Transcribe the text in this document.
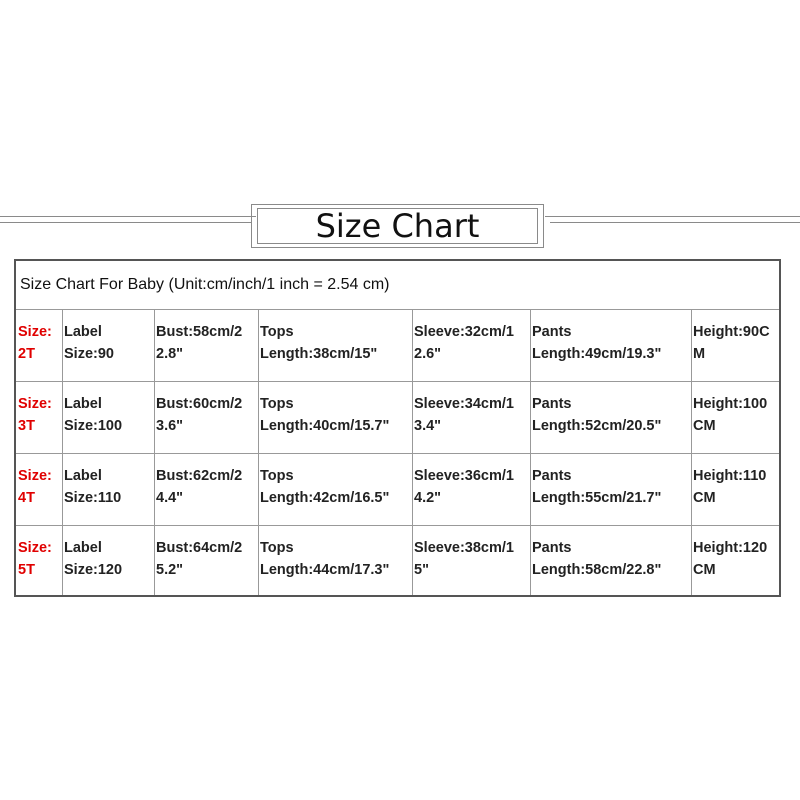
Size Chart
Size Chart For Baby (Unit:cm/inch/1 inch = 2.54 cm)
Size:
2T
Label
Size:90
Bust:58cm/2
2.8"
Tops
Length:38cm/15"
Sleeve:32cm/1
2.6"
Pants
Length:49cm/19.3"
Height:90C
M
Size:
3T
Label
Size:100
Bust:60cm/2
3.6"
Tops
Length:40cm/15.7"
Sleeve:34cm/1
3.4"
Pants
Length:52cm/20.5"
Height:100
CM
Size:
4T
Label
Size:110
Bust:62cm/2
4.4"
Tops
Length:42cm/16.5"
Sleeve:36cm/1
4.2"
Pants
Length:55cm/21.7"
Height:110
CM
Size:
5T
Label
Size:120
Bust:64cm/2
5.2"
Tops
Length:44cm/17.3"
Sleeve:38cm/1
5"
Pants
Length:58cm/22.8"
Height:120
CM
